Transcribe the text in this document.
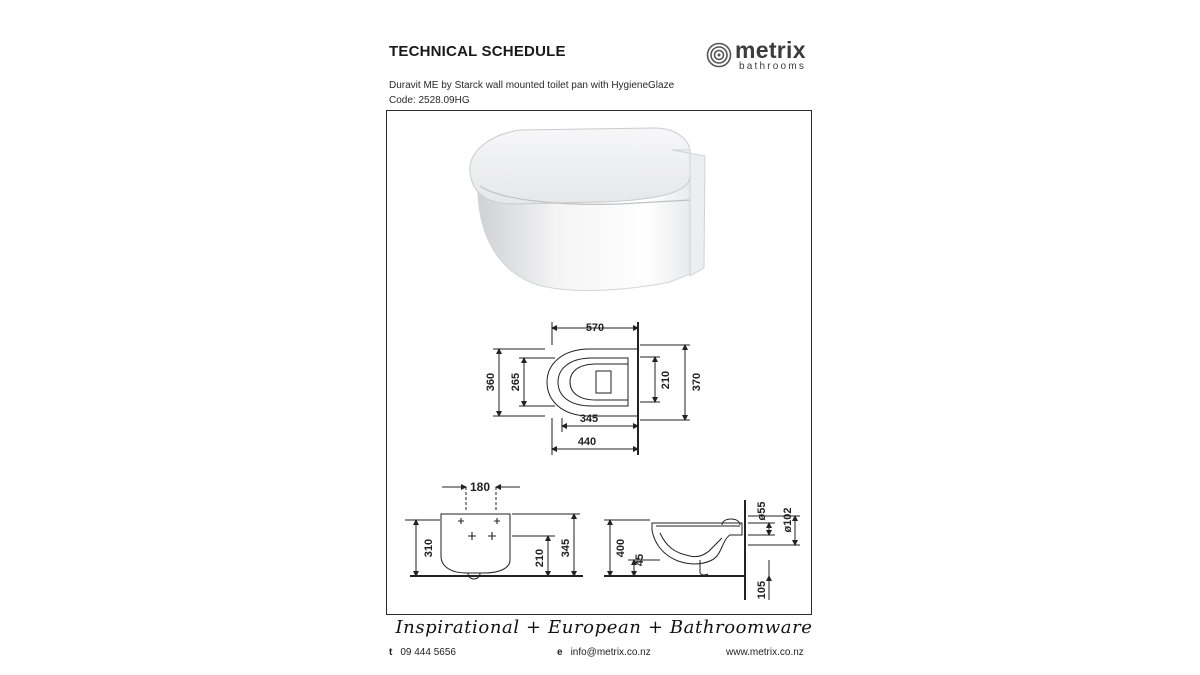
TECHNICAL SCHEDULE	metrix
bathrooms
Duravit ME by Starck wall mounted toilet pan with HygieneGlaze
Code: 2528.09HG
570
360 265	210 370
345
440
180
310
210
345	400
45
ø55 ø102
105
Inspirational + European + Bathroomware
t 09 444 5656	e info@metrix.co.nz	www.metrix.co.nz
